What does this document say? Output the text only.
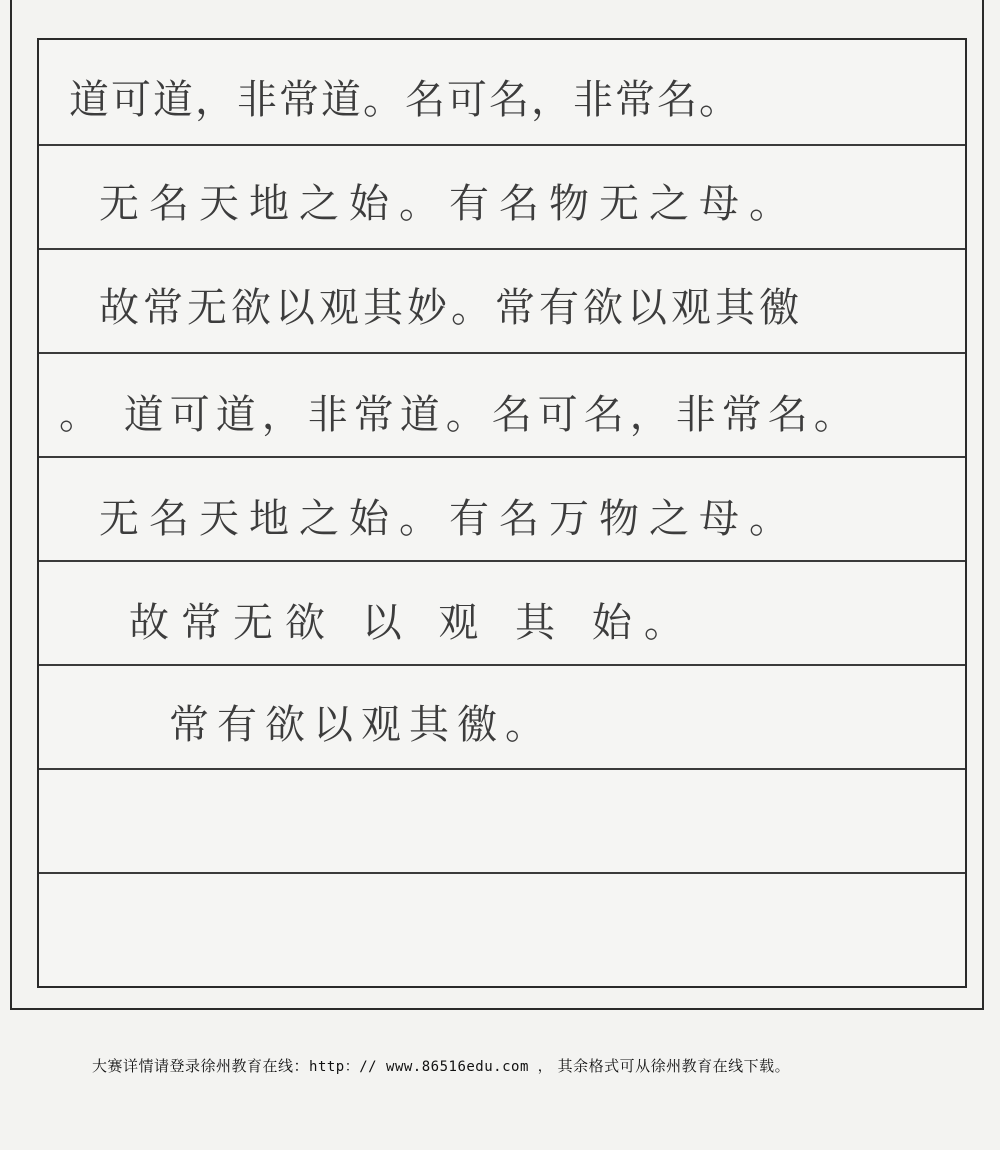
道可道，非常道。名可名，非常名。
无名天地之始。有名物无之母。
故常无欲以观其妙。常有欲以观其徼
。 道可道，非常道。名可名，非常名。
无名天地之始。有名万物之母。
故常无欲 以 观 其 始。
常有欲以观其徼。
大赛详情请登录徐州教育在线：http：// www.86516edu.com ， 其余格式可从徐州教育在线下载。
